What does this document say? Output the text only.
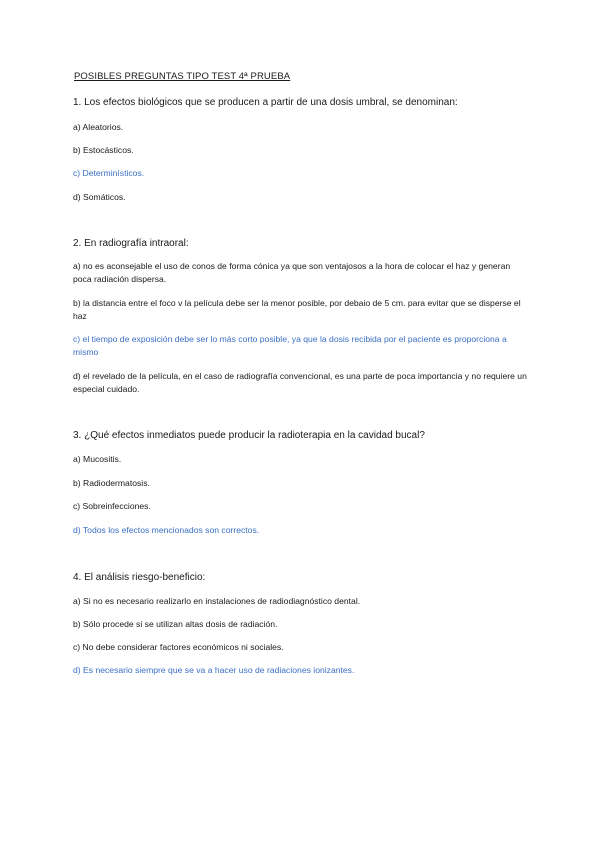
POSIBLES PREGUNTAS TIPO TEST 4ª PRUEBA
1. Los efectos biológicos que se producen a partir de una dosis umbral, se denominan:
a) Aleatorios.
b) Estocásticos.
c) Determinísticos.
d) Somáticos.
2. En radiografía intraoral:
a) no es aconsejable el uso de conos de forma cónica ya que son ventajosos a la hora de colocar el haz y generan poca radiación dispersa.
b) la distancia entre el foco v la película debe ser la menor posible, por debaio de 5 cm. para evitar que se disperse el haz
c) el tiempo de exposición debe ser lo más corto posible, ya que la dosis recibida por el paciente es proporciona a mismo
d) el revelado de la película, en el caso de radiografía convencional, es una parte de poca importancia y no requiere un especial cuidado.
3. ¿Qué efectos inmediatos puede producir la radioterapia en la cavidad bucal?
a) Mucositis.
b) Radiodermatosis.
c) Sobreinfecciones.
d) Todos los efectos mencionados son correctos.
4. El análisis riesgo-beneficio:
a) Si no es necesario realizarlo en instalaciones de radiodiagnóstico dental.
b) Sólo procede si se utilizan altas dosis de radiación.
c) No debe considerar factores económicos ni sociales.
d) Es necesario siempre que se va a hacer uso de radiaciones ionizantes.
